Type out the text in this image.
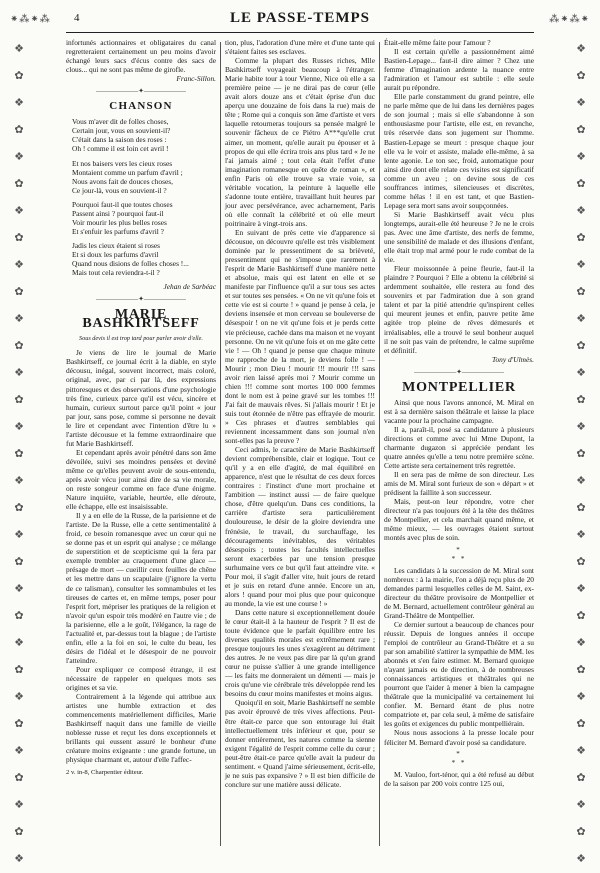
⁕⁂⁕⁂ 4	LE PASSE-TEMPS	⁂⁕⁂⁕
❖
✿
❖
✿
❖
✿
❖
✿
❖
✿
❖
✿
❖
✿
❖
✿
❖
✿
❖
✿
❖
✿
❖
✿
❖
✿
❖
✿
❖
✿
❖
❖
✿
❖
✿
❖
✿
❖
✿
❖
✿
❖
✿
❖
✿
❖
✿
❖
✿
❖
✿
❖
✿
❖
✿
❖
✿
❖
✿
❖
✿
❖

infortunés actionnaires et obligataires du canal regretteraient certainement un peu moins d'avoir échangé leurs sacs d'écus contre des sacs de clous... qui ne sont pas même de girofle.

Franc-Sillon.

——————✦——————
CHANSON

Vous m'aver dit de folles choses,

Certain jour, vous en souvient-il?

C'était dans la saison des roses :

Oh ! comme il est loin cet avril !

Et nos baisers vers les cieux roses

Montaient comme un parfum d'avril ;

Nous avons fait de douces choses,

Ce jour-là, vous en souvient-il ?

Pourquoi faut-il que toutes choses

Passent ainsi ? pourquoi faut-il

Voir mourir les plus belles roses

Et s'enfuir les parfums d'avril ?

Jadis les cieux étaient si roses

Et si doux les parfums d'avril

Quand nous disions de folles choses !...

Mais tout cela reviendra-t-il ?

Jehan de Sarbéac

——————✦——————
MARIE BASHKIRTSEFF
Sous devis il est trop tard pour parler avoir d'elle.

Je viens de lire le journal de Marie Bashkirtseff, ce journal écrit à la diable, en style décousu, inégal, souvent incorrect, mais coloré, original, avec, par ci par là, des expressions pittoresques et des observations d'une psychologie très fine, curieux parce qu'il est vécu, sincère et humain, curieux surtout parce qu'il point « jour par jour, sans pose, comme si personne ne devait le lire et cependant avec l'intention d'être lu » l'artiste décousue et la femme extraordinaire que fut Marie Bashkirtseff.

Et cependant après avoir pénétré dans son âme dévoilée, suivi ses moindres pensées et deviné même ce qu'elles peuvent avoir de sous-entendu, après avoir vécu jour ainsi dire de sa vie morale, on reste songeur comme en face d'une énigme. Nature inquiète, variable, heurtée, elle déroute, elle échappe, elle est insaisissable.

Il y a en elle de la Russe, de la parisienne et de l'artiste. De la Russe, elle a cette sentimentalité à froid, ce besoin romanesque avec un cœur qui ne se donne pas et un esprit qui analyse ; ce mélange de superstition et de scepticisme qui la fera par exemple trembler au craquement d'une glace — présage de mort — cueillir ceux feuilles de chêne et les mettre dans un scapulaire (j'ignore la vertu de ce talisman), consulter les somnambules et les tireuses de cartes et, en même temps, poser pour l'esprit fort, mépriser les pratiques de la religion et n'avoir qu'un espoir très modéré en l'autre vie ; de la parisienne, elle a le goût, l'élégance, la rage de l'actualité et, par-dessus tout la blague ; de l'artiste enfin, elle a la foi en soi, le culte du beau, les désirs de l'idéal et le désespoir de ne pouvoir l'atteindre.

Pour expliquer ce composé étrange, il est nécessaire de rappeler en quelques mots ses origines et sa vie.

Contrairement à la légende qui attribue aux artistes une humble extraction et des commencements matériellement difficiles, Marie Bashkirtseff naquit dans une famille de vieille noblesse russe et reçut les dons exceptionnels et brillants qui eussent assuré le bonheur d'une créature moins exigeante : une grande fortune, un physique charmant et, autour d'elle l'affec-

2 v. in-8, Charpentier éditeur.

tion, plus, l'adoration d'une mère et d'une tante qui s'étaient faites ses esclaves.

Comme la plupart des Russes riches, Mlle Bashkirtseff voyageait beaucoup à l'étranger. Marie habite tour à tour Vienne, Nice où elle a sa première peine — je ne dirai pas de cœur (elle avait alors douze ans et c'était éprise d'un duc aperçu une douzaine de fois dans la rue) mais de tête ; Rome qui a conquis son âme d'artiste et vers laquelle retourneras toujours sa pensée malgré le souvenir fâcheux de ce Piétro A***qu'elle crut aimer, un moment, qu'elle aurait pu épouser et à propos de qui elle écrira trois ans plus tard « Je ne l'ai jamais aimé ; tout cela était l'effet d'une imagination romanesque en quête de roman », et enfin Paris où elle trouve sa vraie voie, sa véritable vocation, la peinture à laquelle elle s'adonne toute entière, travaillant huit heures par jour avec persévérance, avec acharnement, Paris où elle connaît la célébrité et où elle meurt poitrinaire à vingt-trois ans.

En suivant de près cette vie d'apparence si décousue, on découvre qu'elle est très visiblement dominée par le pressentiment de sa brièveté, pressentiment qui ne s'impose que rarement à l'esprit de Marie Bashkirtseff d'une manière nette et absolue, mais qui est latent en elle et se manifeste par l'influence qu'il a sur tous ses actes et sur toutes ses pensées. « On ne vit qu'une fois et cette vie est si courte ! » quand je pense à cela, je deviens insensée et mon cerveau se bouleverse de désespoir ! on ne vit qu'une fois et je perds cette vie précieuse, cachée dans ma maison et ne voyant personne. On ne vit qu'une fois et on me gâte cette vie ! — Oh ! quand je pense que chaque minute me rapproche de la mort, je deviens folle ! — Mourir ; mon Dieu ! mourir !!! mourir !!! sans avoir rien laissé après moi ? Mourir comme un chien !!! comme sont mortes 100 000 femmes dont le nom est à peine gravé sur les tombes !!! J'ai fait de mauvais rêves. Si j'allais mourir ! Et je suis tout étonnée de n'être pas effrayée de mourir. » Ces phrases et d'autres semblables qui reviennent incessamment dans son journal n'en sont-elles pas la preuve ?

Ceci admis, le caractère de Marie Bashkirtseff devient compréhensible, clair et logique. Tout ce qu'il y a en elle d'agité, de mal équilibré en apparence, n'est que le résultat de ces deux forces contraires : l'instinct d'une mort prochaine et l'ambition — instinct aussi — de faire quelque chose, d'être quelqu'un. Dans ces conditions, la carrière d'artiste sera particulièrement douloureuse, le désir de la gloire deviendra une frénésie, le travail, du surchauffage, les découragements inévitables, des véritables désespoirs ; toutes les facultés intellectuelles seront exacerbées par une tension presque surhumaine vers ce but qu'il faut atteindre vite. « Pour moi, il s'agit d'aller vite, huit jours de retard et je suis en retard d'une année. Encore un an, alors ! quand pour moi plus que pour quiconque au monde, la vie est une course ! »

Dans cette nature si exceptionnellement douée le cœur était-il à la hauteur de l'esprit ? Il est de toute évidence que le parfait équilibre entre les diverses qualités morales est extrêmement rare ; presque toujours les unes s'exagèrent au détriment des autres. Je ne veux pas dire par là qu'un grand cœur ne puisse s'allier à une grande intelligence — les faits me donneraient un démenti — mais je crois qu'une vie cérébrale très développée rend les besoins du cœur moins manifestes et moins aigus.

Quoiqu'il en soit, Marie Bashkirtseff ne semble pas avoir éprouvé de très vives affections. Peut-être était-ce parce que son entourage lui était intellectuellement très inférieur et que, pour se donner entièrement, les natures comme la sienne exigent l'égalité de l'esprit comme celle du cœur ; peut-être était-ce parce qu'elle avait la pudeur du sentiment. « Quand j'aime sérieusement, écrit-elle, je ne suis pas expansive ? » Il est bien difficile de conclure sur une matière aussi délicate.

Était-elle même faite pour l'amour ?

Il est certain qu'elle a passionnément aimé Bastien-Lepage... faut-il dire aimer ? Chez une femme d'imagination ardente la nuance entre l'admiration et l'amour est subtile : elle seule aurait pu répondre.

Elle parle constamment du grand peintre, elle ne parle même que de lui dans les dernières pages de son journal ; mais si elle s'abandonne à son enthousiasme pour l'artiste, elle est, en revanche, très réservée dans son jugement sur l'homme. Bastien-Lepage se meurt : presque chaque jour elle va le voir et assiste, malade elle-même, à sa lente agonie. Le ton sec, froid, automatique pour ainsi dire dont elle relate ces visites est significatif comme un aveu ; on devine sous de ces souffrances intimes, silencieuses et discrètes, comme hélas ! il en est tant, et que Bastien-Lepage sera mort sans avoir soupçonnées.

Si Marie Bashkirtseff avait vécu plus longtemps, aurait-elle été heureuse ? Je ne le crois pas. Avec une âme d'artiste, des nerfs de femme, une sensibilité de malade et des illusions d'enfant, elle était trop mal armé pour le rude combat de la vie.

Fleur moissonnée à peine fleurie, faut-il la plaindre ? Pourquoi ? Elle a obtenu la célébrité si ardemment souhaitée, elle restera au fond des souvenirs et par l'admiration due à son grand talent et par la pitié attendrie qu'inspirent celles qui meurent jeunes et enfin, pauvre petite âme agitée trop pleine de rêves démesurés et irréalisables, elle a trouvé le seul bonheur auquel il ne soit pas vain de prétendre, le calme suprême et définitif.

Tony d'Ulmès.

——————✦——————
MONTPELLIER

Ainsi que nous l'avons annoncé, M. Miral en est à sa dernière saison théâtrale et laisse la place vacante pour la prochaine campagne.

Il a, paraît-il, posé sa candidature à plusieurs directions et comme avec lui Mme Dupont, la charmante dugazon si appréciée pendant les quatre années qu'elle a tenu notre première scène. Cette artiste sera certainement très regrettée.

Il en sera pas de même de son directeur. Les amis de M. Miral sont furieux de son « départ » et prédisent la faillite à son successeur.

Mais, peut-on leur répondre, votre cher directeur n'a pas toujours été à la tête des théâtres de Montpellier, et cela marchait quand même, et même mieux, — les ouvrages étaient surtout montés avec plus de soin.

*
* *

Les candidats à la succession de M. Miral sont nombreux : à la mairie, l'on a déjà reçu plus de 20 demandes parmi lesquelles celles de M. Saint, ex-directeur du théâtre provisoire de Montpellier et de M. Bernard, actuellement contrôleur général au Grand-Théâtre de Montpellier.

Ce dernier surtout a beaucoup de chances pour réussir. Depuis de longues années il occupe l'emploi de contrôleur au Grand-Théâtre et a su par son amabilité s'attirer la sympathie de MM. les abonnés et s'en faire estimer. M. Bernard quoique n'ayant jamais eu de direction, à de nombreuses connaissances artistiques et théâtrales qui ne pourront que l'aider à mener à bien la campagne théâtrale que la municipalité va certainement lui confier. M. Bernard étant de plus notre compatriote et, par cela seul, à même de satisfaire les goûts et exigences du public montpelliérain.

Nous nous associons à la presse locale pour féliciter M. Bernard d'avoir posé sa candidature.

*
* *

M. Vauloo, fort-ténor, qui a été refusé au début de la saison par 200 voix contre 125 oui,
